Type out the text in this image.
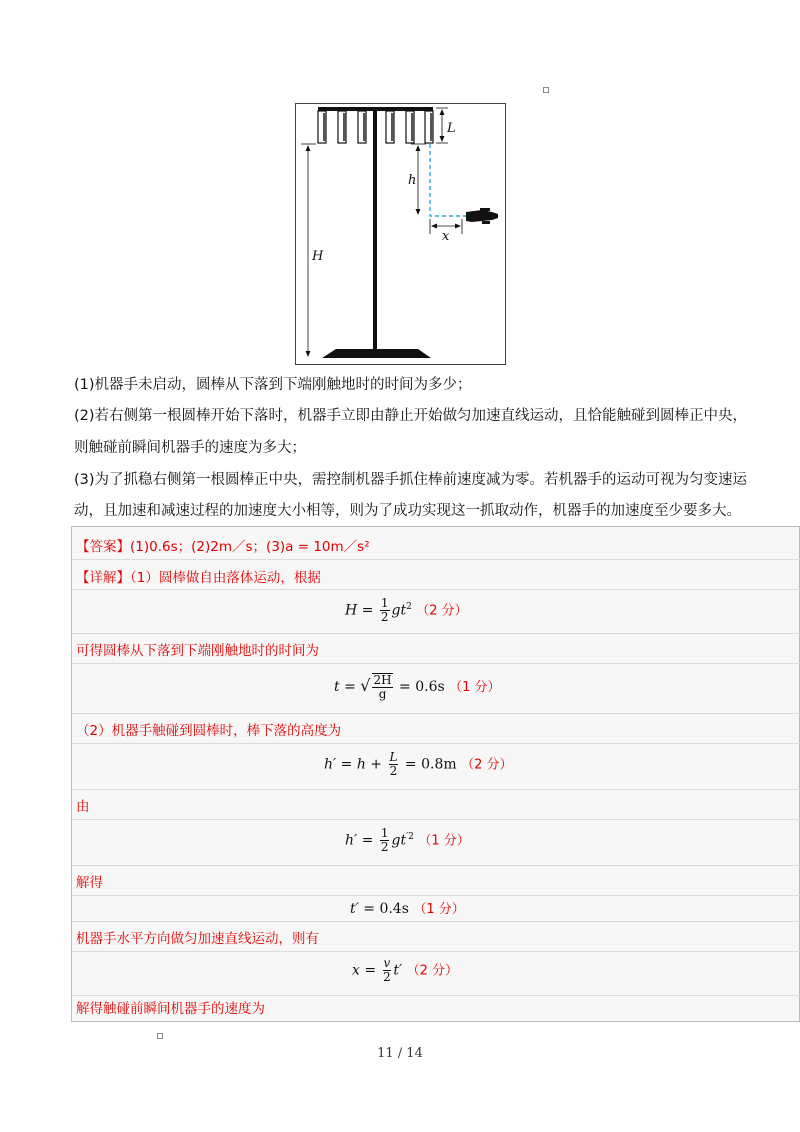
L
H
h
x
(1)机器手未启动，圆棒从下落到下端刚触地时的时间为多少；
(2)若右侧第一根圆棒开始下落时，机器手立即由静止开始做匀加速直线运动，且恰能触碰到圆棒正中央，
则触碰前瞬间机器手的速度为多大；
(3)为了抓稳右侧第一根圆棒正中央，需控制机器手抓住棒前速度减为零。若机器手的运动可视为匀变速运
动，且加速和减速过程的加速度大小相等，则为了成功实现这一抓取动作，机器手的加速度至少要多大。
【答案】(1)0.6s；(2)2m／s；(3)a = 10m／s²
【详解】（1）圆棒做自由落体运动，根据
$H = \frac{1}{2} gt^2$ （2 分）
可得圆棒从下落到下端刚触地时的时间为
t = √ $\frac{2H}{g} = 0.6s$ （1 分）
（2）机器手触碰到圆棒时，棒下落的高度为
$h' = h + \frac{L}{2} = 0.8m$ （2 分）
由
$h' = \frac{1}{2} gt^{'2}$ （1 分）
解得
t′ = 0.4s （1 分）
机器手水平方向做匀加速直线运动，则有
$x = \frac{v}{2} t'$ （2 分）
解得触碰前瞬间机器手的速度为
11 / 14
